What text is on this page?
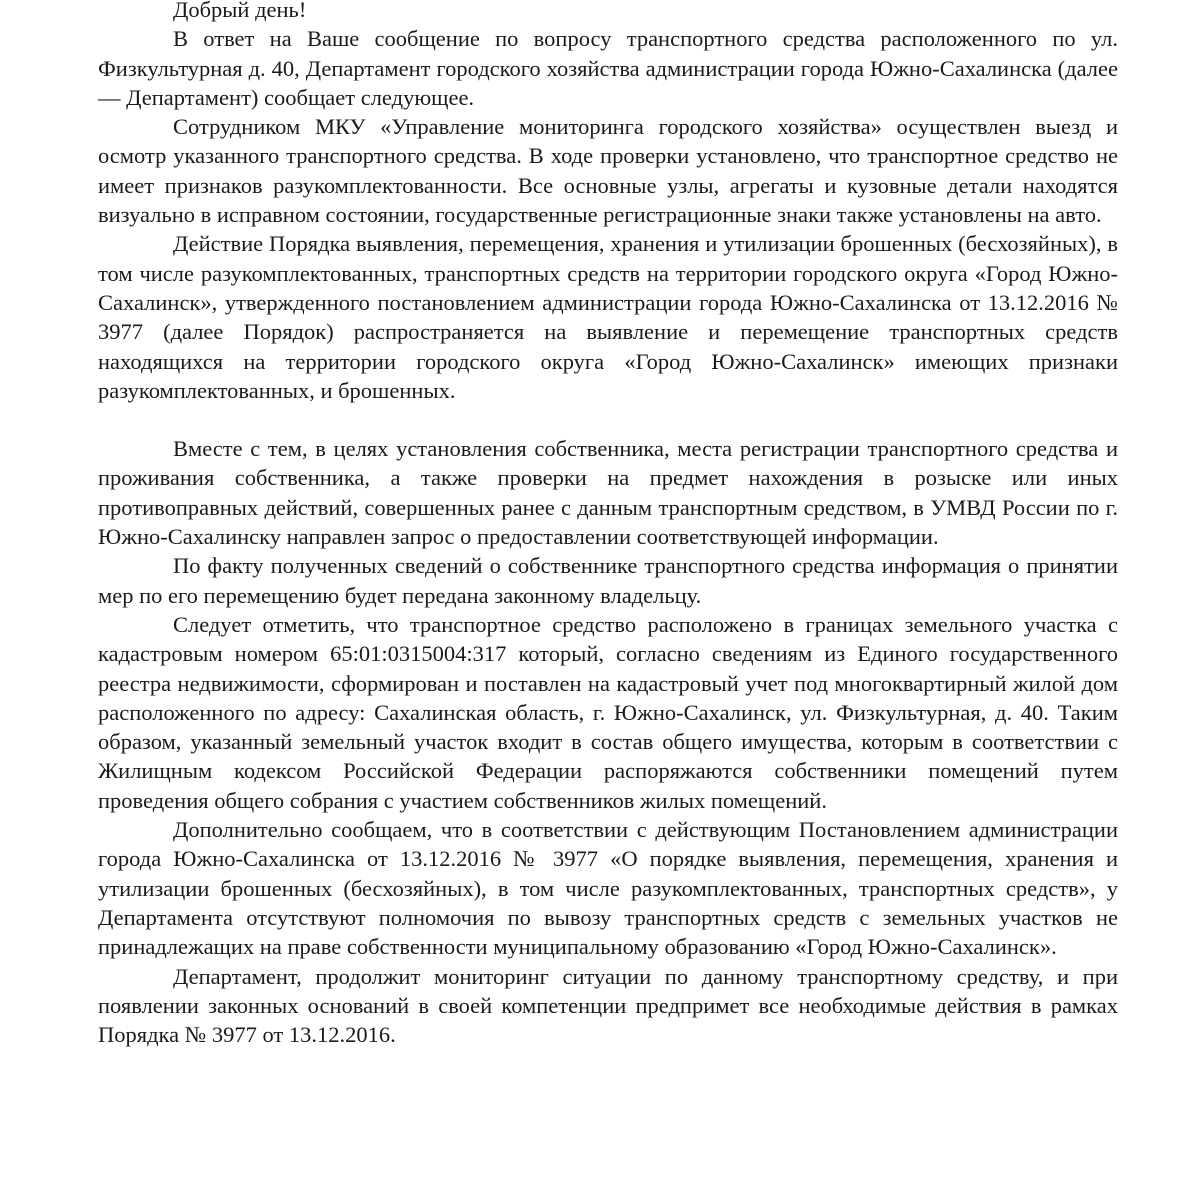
Добрый день!

В ответ на Ваше сообщение по вопросу транспортного средства расположенного по ул. Физкультурная д. 40, Департамент городского хозяйства администрации города Южно-Сахалинска (далее — Департамент) сообщает следующее.

Сотрудником МКУ «Управление мониторинга городского хозяйства» осуществлен выезд и осмотр указанного транспортного средства. В ходе проверки установлено, что транспортное средство не имеет признаков разукомплектованности. Все основные узлы, агрегаты и кузовные детали находятся визуально в исправном состоянии, государственные регистрационные знаки также установлены на авто.

Действие Порядка выявления, перемещения, хранения и утилизации брошенных (бесхозяйных), в том числе разукомплектованных, транспортных средств на территории городского округа «Город Южно-Сахалинск», утвержденного постановлением администрации города Южно-Сахалинска от 13.12.2016 № 3977 (далее Порядок) распространяется на выявление и перемещение транспортных средств находящихся на территории городского округа «Город Южно-Сахалинск» имеющих признаки разукомплектованных, и брошенных.

Вместе с тем, в целях установления собственника, места регистрации транспортного средства и проживания собственника, а также проверки на предмет нахождения в розыске или иных противоправных действий, совершенных ранее с данным транспортным средством, в УМВД России по г. Южно-Сахалинску направлен запрос о предоставлении соответствующей информации.

По факту полученных сведений о собственнике транспортного средства информация о принятии мер по его перемещению будет передана законному владельцу.

Следует отметить, что транспортное средство расположено в границах земельного участка с кадастровым номером 65:01:0315004:317 который, согласно сведениям из Единого государственного реестра недвижимости, сформирован и поставлен на кадастровый учет под многоквартирный жилой дом расположенного по адресу: Сахалинская область, г. Южно-Сахалинск, ул. Физкультурная, д. 40. Таким образом, указанный земельный участок входит в состав общего имущества, которым в соответствии с Жилищным кодексом Российской Федерации распоряжаются собственники помещений путем проведения общего собрания с участием собственников жилых помещений.

Дополнительно сообщаем, что в соответствии с действующим Постановлением администрации города Южно-Сахалинска от 13.12.2016 № 3977 «О порядке выявления, перемещения, хранения и утилизации брошенных (бесхозяйных), в том числе разукомплектованных, транспортных средств», у Департамента отсутствуют полномочия по вывозу транспортных средств с земельных участков не принадлежащих на праве собственности муниципальному образованию «Город Южно-Сахалинск».

Департамент, продолжит мониторинг ситуации по данному транспортному средству, и при появлении законных оснований в своей компетенции предпримет все необходимые действия в рамках Порядка № 3977 от 13.12.2016.
